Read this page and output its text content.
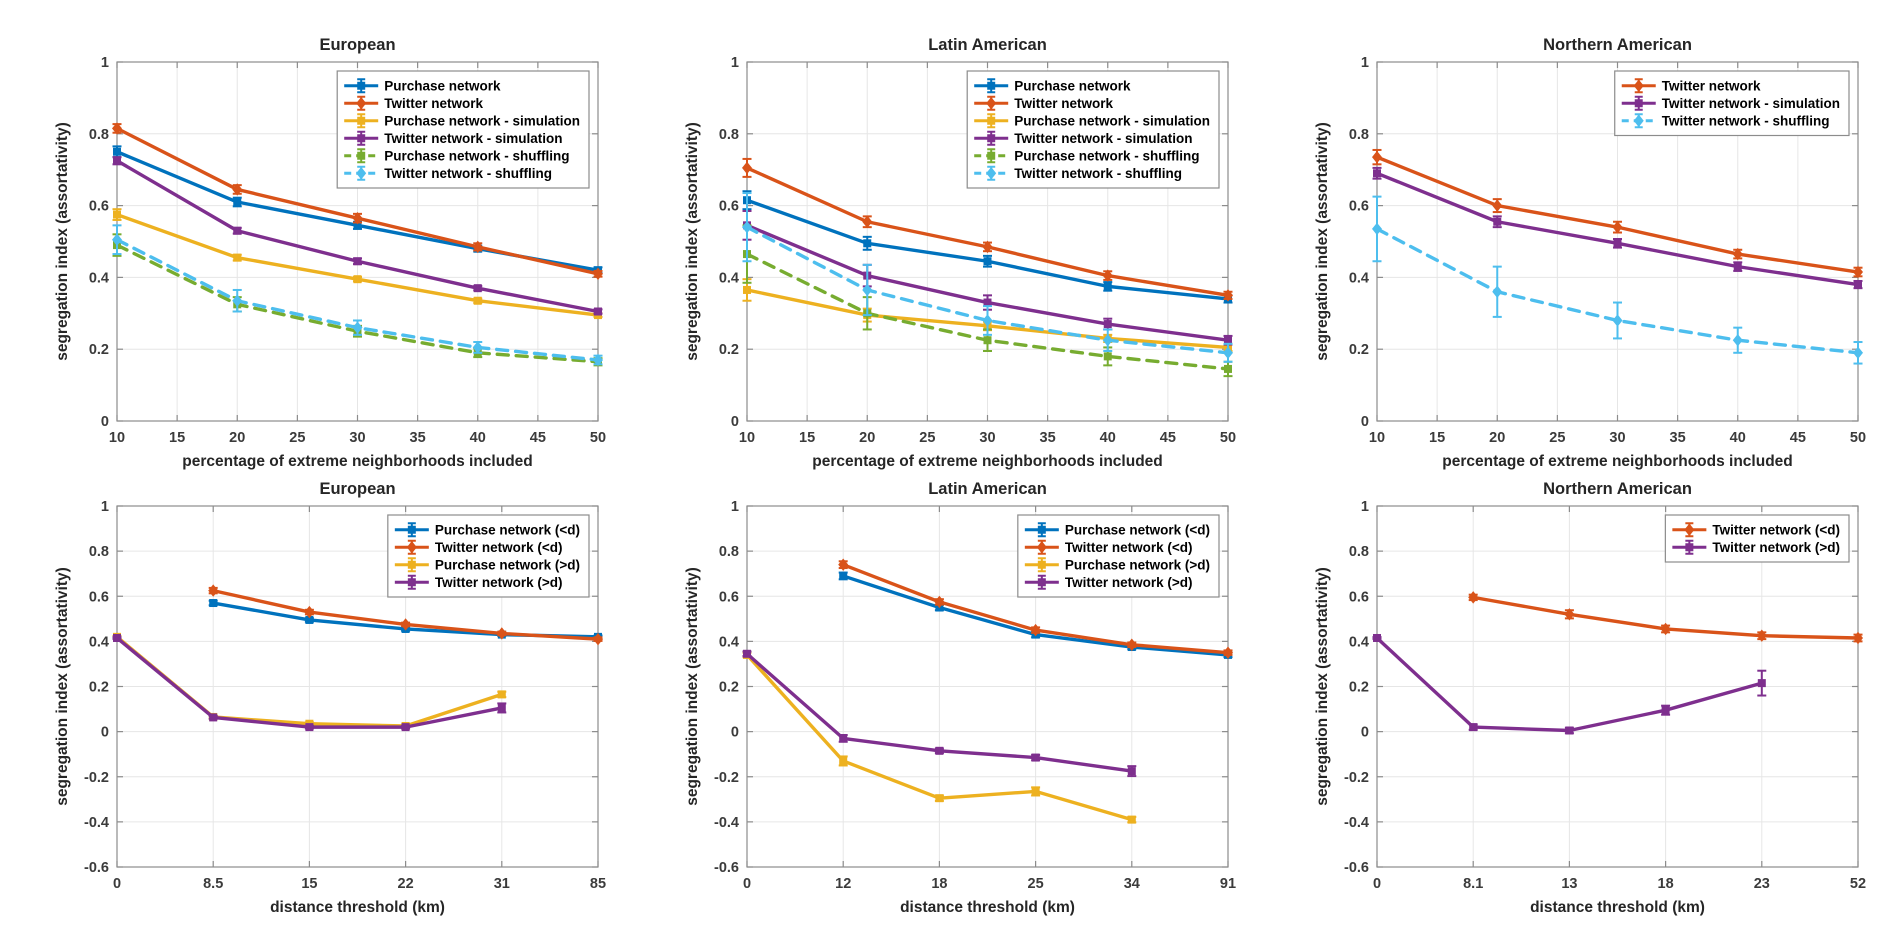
10	15	20	25	30	35	40	45	50
0
0.2
0.4
0.6
0.8
1
European
percentage of extreme neighborhoods included
segregation index (assortativity)
Purchase network
Twitter network
Purchase network - simulation
Twitter network - simulation
Purchase network - shuffling
Twitter network - shuffling
10	15	20	25	30	35	40	45	50
0
0.2
0.4
0.6
0.8
1
Latin American
percentage of extreme neighborhoods included
segregation index (assortativity)
Purchase network
Twitter network
Purchase network - simulation
Twitter network - simulation
Purchase network - shuffling
Twitter network - shuffling
10	15	20	25	30	35	40	45	50
0
0.2
0.4
0.6
0.8
1
Northern American
percentage of extreme neighborhoods included
segregation index (assortativity)
Twitter network
Twitter network - simulation
Twitter network - shuffling
0	8.5	15	22	31	85
-0.6
-0.4
-0.2
0
0.2
0.4
0.6
0.8
1
European
distance threshold (km)
segregation index (assortativity)
Purchase network (<d)
Twitter network (<d)
Purchase network (>d)
Twitter network (>d)
0	12	18	25	34	91
-0.6
-0.4
-0.2
0
0.2
0.4
0.6
0.8
1
Latin American
distance threshold (km)
segregation index (assortativity)
Purchase network (<d)
Twitter network (<d)
Purchase network (>d)
Twitter network (>d)
0	8.1	13	18	23	52
-0.6
-0.4
-0.2
0
0.2
0.4
0.6
0.8
1
Northern American
distance threshold (km)
segregation index (assortativity)
Twitter network (<d)
Twitter network (>d)
